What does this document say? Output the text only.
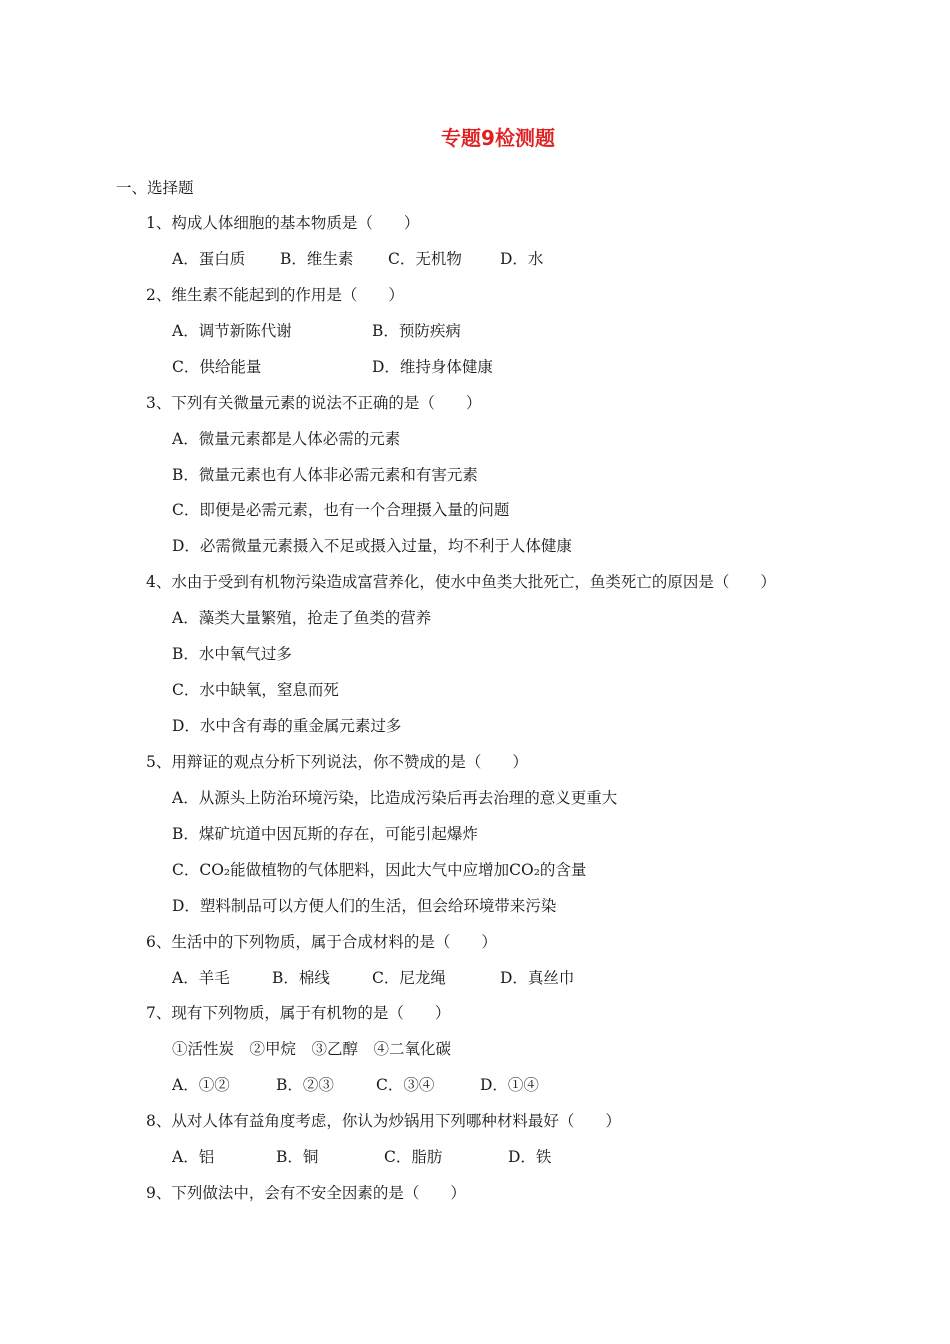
专题9检测题
一、选择题
1、构成人体细胞的基本物质是（　　）
A．蛋白质 B．维生素 C．无机物 D．水
2、维生素不能起到的作用是（　　）
A．调节新陈代谢	B．预防疾病
C．供给能量	D．维持身体健康
3、下列有关微量元素的说法不正确的是（　　）
A．微量元素都是人体必需的元素
B．微量元素也有人体非必需元素和有害元素
C．即便是必需元素，也有一个合理摄入量的问题
D．必需微量元素摄入不足或摄入过量，均不利于人体健康
4、水由于受到有机物污染造成富营养化，使水中鱼类大批死亡，鱼类死亡的原因是（　　）
A．藻类大量繁殖，抢走了鱼类的营养
B．水中氧气过多
C．水中缺氧，窒息而死
D．水中含有毒的重金属元素过多
5、用辩证的观点分析下列说法，你不赞成的是（　　）
A．从源头上防治环境污染，比造成污染后再去治理的意义更重大
B．煤矿坑道中因瓦斯的存在，可能引起爆炸
C．CO₂能做植物的气体肥料，因此大气中应增加CO₂的含量
D．塑料制品可以方便人们的生活，但会给环境带来污染
6、生活中的下列物质，属于合成材料的是（　　）
A．羊毛	B．棉线	C．尼龙绳	D．真丝巾
7、现有下列物质，属于有机物的是（　　）
①活性炭　②甲烷　③乙醇　④二氧化碳
A．①②	B．②③	C．③④	D．①④
8、从对人体有益角度考虑，你认为炒锅用下列哪种材料最好（　　）
A．铝	B．铜	C．脂肪	D．铁
9、下列做法中，会有不安全因素的是（　　）
